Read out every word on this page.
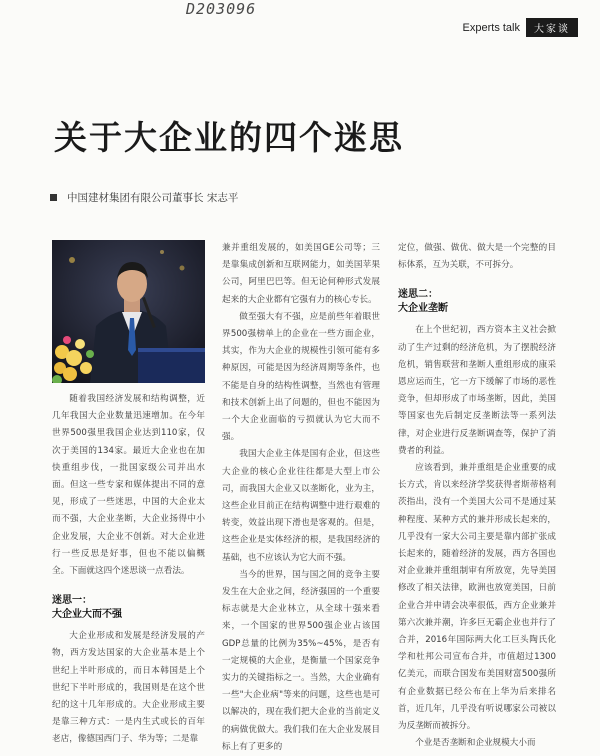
D203096
Experts talk	大家谈
关于大企业的四个迷思
中国建材集团有限公司董事长 宋志平

随着我国经济发展和结构调整，近几年我国大企业数量迅速增加。在今年世界500强里我国企业达到110家，仅次于美国的134家。最近大企业也在加快重组步伐，一批国家级公司并出水面。但这一些专家和媒体提出不同的意见，形成了一些迷思，中国的大企业太而不强，大企业垄断，大企业扬得中小企业发展，大企业不创新。对大企业进行一些反思是好事，但也不能以偏概全。下面就这四个迷思谈一点看法。

迷思一：
大企业大而不强

大企业形成和发展是经济发展的产物，西方发达国家的大企业基本是上个世纪上半叶形成的，而日本韩国是上个世纪下半叶形成的，我国则是在这个世纪的这十几年形成的。大企业形成主要是靠三种方式：一是内生式或长的百年老店，像德国西门子、华为等；二是靠

兼并重组发展的，如美国GE公司等；三是靠集成创新和互联网能力，如美国苹果公司，阿里巴巴等。但无论何种形式发展起来的大企业都有它强有力的核心专长。

做至强大有不强，应是前些年着眼世界500强榜单上的企业在一些方面企业，其实，作为大企业的规模性引领可能有多种原因，可能是因为经济周期等条件，也不能是自身的结构性调整，当然也有管理和技术创新上出了问题的，但也不能因为一个大企业面临的亏损就认为它大而不强。

我国大企业主体是国有企业，但这些大企业的核心企业往往都是大型上市公司，而我国大企业又以垄断化，业为主，这些企业目前正在结构调整中进行艰难的转变，效益出现下滑也是客观的。但是，这些企业是实体经济的根，是我国经济的基础，也不应该认为它大而不强。

当今的世界，国与国之间的竞争主要发生在大企业之间，经济强国的一个重要标志就是大企业林立，从全球十强来看来，一个国家的世界500强企业占该国GDP总量的比例为35%~45%，是否有一定规模的大企业，是衡量一个国家竞争实力的关键指标之一。当然，大企业确有一些"大企业病"等来的问题，这些也是可以解决的，现在我们把大企业的当前定义的病做优做大。我们我们在大企业发展目标上有了更多的

定位，做强、做优、做大是一个完整的目标体系，互为关联，不可拆分。

迷思二：
大企业垄断

在上个世纪初，西方资本主义社会掀动了生产过剩的经济危机，为了摆脱经济危机，销售联营和垄断人重组形成的康采恩应运而生，它一方下缓解了市场的恶性竞争，但却形成了市场垄断，因此，美国等国家也先后制定反垄断法等一系列法律，对企业进行反垄断调查等，保护了消费者的利益。

应该看到，兼并重组是企业重要的成长方式，肯以来经济学奖获得者斯蒂格利茨指出，没有一个美国大公司不是通过某种程度、某种方式的兼并形成长起来的，几乎没有一家大公司主要是靠内部扩张成长起来的，随着经济的发展，西方各国也对企业兼并重组制审有所放宽，先导美国修改了相关法律，欧洲也放宽美国，日前企业合并申请会决率很低，西方企业兼并第六次兼并潮，许多巨无霸企业也并行了合并，2016年国际两大化工巨头陶氏化学和杜邦公司宣布合并，市值超过1300亿美元，而联合国发布美国财富500强所有企业数据已经公布在上华为后来排名首，近几年，几乎没有听说哪家公司被以为反垄断而被拆分。

个业是否垄断和企业规模大小而
